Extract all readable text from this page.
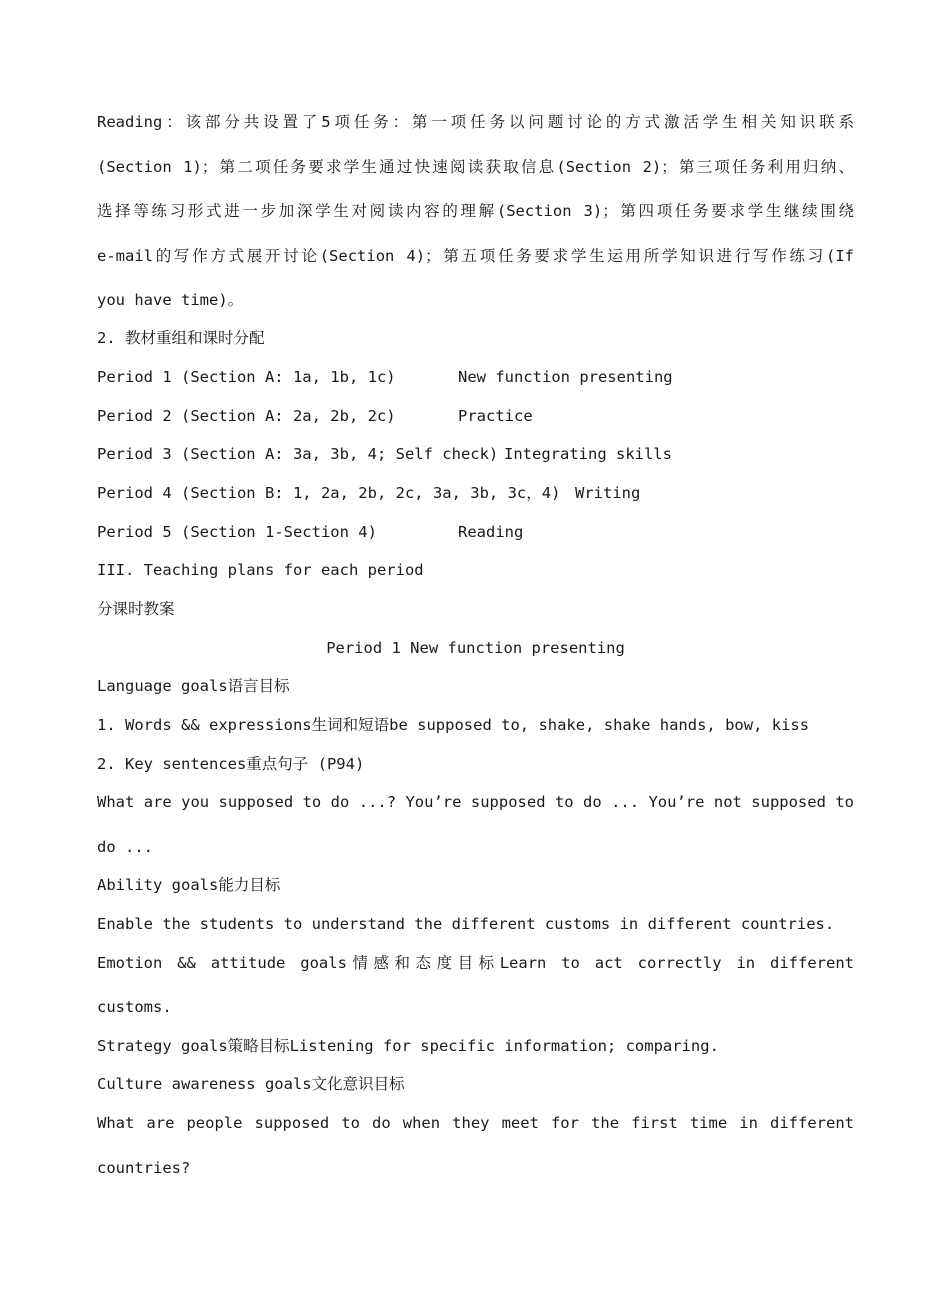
Reading：该部分共设置了5项任务：第一项任务以问题讨论的方式激活学生相关知识联系
(Section 1)；第二项任务要求学生通过快速阅读获取信息(Section 2)；第三项任务利用归纳、
选择等练习形式进一步加深学生对阅读内容的理解(Section 3)；第四项任务要求学生继续围绕
e-mail的写作方式展开讨论(Section 4)；第五项任务要求学生运用所学知识进行写作练习(If
you have time)。
2. 教材重组和课时分配
Period 1 (Section A: 1a, 1b, 1c)	New function presenting
Period 2 (Section A: 2a, 2b, 2c)	Practice
Period 3 (Section A: 3a, 3b, 4; Self check) Integrating skills
Period 4 (Section B: 1, 2a, 2b, 2c, 3a, 3b, 3c，4) Writing
Period 5 (Section 1-Section 4)	Reading
III. Teaching plans for each period
分课时教案
Period 1 New function presenting
Language goals语言目标
1. Words && expressions生词和短语be supposed to, shake, shake hands, bow, kiss
2. Key sentences重点句子 (P94)
What are you supposed to do ...? You’re supposed to do ... You’re not supposed to
do ...
Ability goals能力目标
Enable the students to understand the different customs in different countries.
Emotion && attitude goals情感和态度目标Learn to act correctly in different
customs.
Strategy goals策略目标Listening for specific information; comparing.
Culture awareness goals文化意识目标
What are people supposed to do when they meet for the first time in different
countries?
